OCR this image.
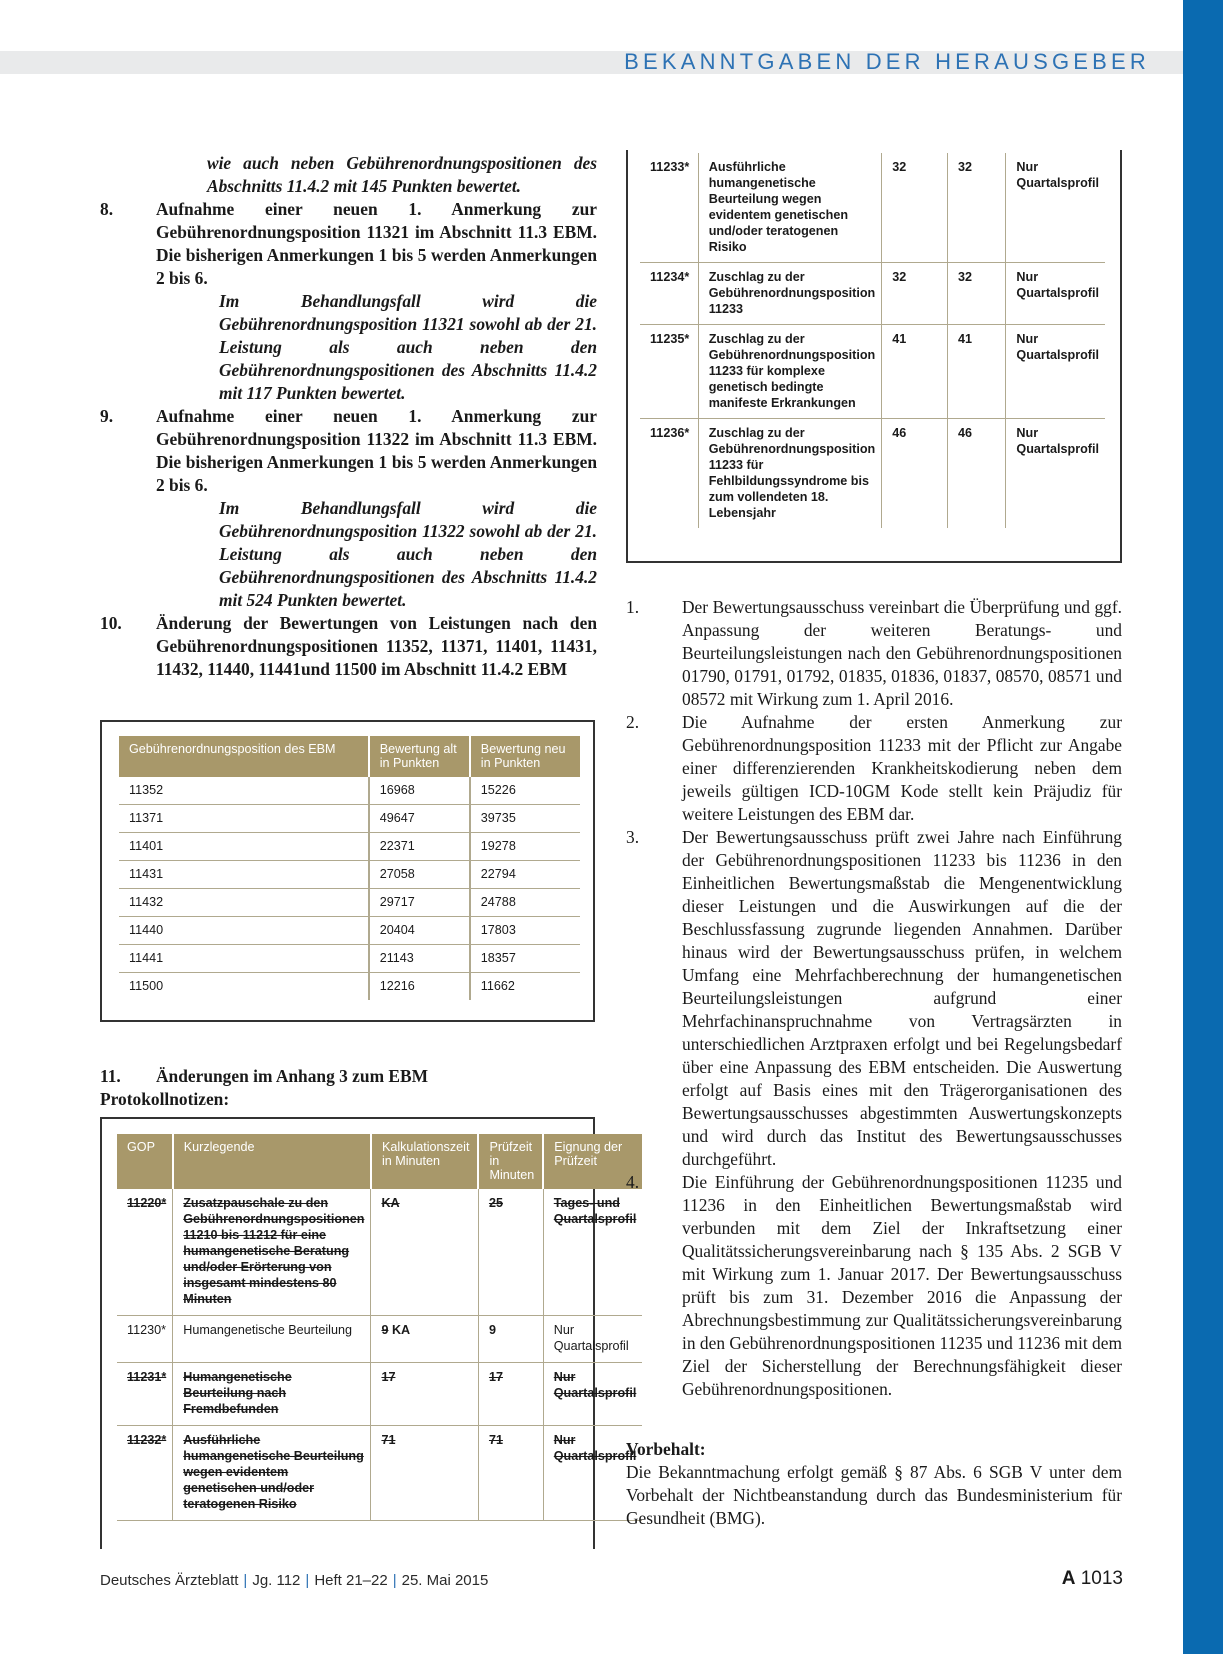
BEKANNTGABEN DER HERAUSGEBER
wie auch neben Gebührenordnungspositionen des Abschnitts 11.4.2 mit 145 Punkten bewertet.
8.	Aufnahme einer neuen 1. Anmerkung zur Gebührenordnungsposition 11321 im Abschnitt 11.3 EBM. Die bisherigen Anmerkungen 1 bis 5 werden Anmerkungen 2 bis 6.
Im Behandlungsfall wird die Gebührenordnungsposition 11321 sowohl ab der 21. Leistung als auch neben den Gebührenordnungspositionen des Abschnitts 11.4.2 mit 117 Punkten bewertet.
9.	Aufnahme einer neuen 1. Anmerkung zur Gebührenordnungsposition 11322 im Abschnitt 11.3 EBM. Die bisherigen Anmerkungen 1 bis 5 werden Anmerkungen 2 bis 6.
Im Behandlungsfall wird die Gebührenordnungsposition 11322 sowohl ab der 21. Leistung als auch neben den Gebührenordnungspositionen des Abschnitts 11.4.2 mit 524 Punkten bewertet.
10.	Änderung der Bewertungen von Leistungen nach den Gebührenordnungspositionen 11352, 11371, 11401, 11431, 11432, 11440, 11441und 11500 im Abschnitt 11.4.2 EBM
Gebührenordnungsposition des EBM	Bewertung alt in Punkten	Bewertung neu in Punkten
11352	16968	15226
11371	49647	39735
11401	22371	19278
11431	27058	22794
11432	29717	24788
11440	20404	17803
11441	21143	18357
11500	12216	11662
11.	Änderungen im Anhang 3 zum EBM
Protokollnotizen:
GOP	Kurzlegende	Kalkulationszeit in Minuten	Prüfzeit in Minuten	Eignung der Prüfzeit
11220*	Zusatzpauschale zu den Gebührenordnungspositionen 11210 bis 11212 für eine humangenetische Beratung und/oder Erörterung von insgesamt mindestens 80 Minuten	KA	25	Tages- und Quartalsprofil
11230*	Humangenetische Beurteilung	9 KA	9	Nur Quartalsprofil
11231*	Humangenetische Beurteilung nach Fremdbefunden	17	17	Nur Quartalsprofil
11232*	Ausführliche humangenetische Beurteilung wegen evidentem genetischen und/oder teratogenen Risiko	71	71	Nur Quartalsprofil
11233*	Ausführliche humangenetische Beurteilung wegen evidentem genetischen und/oder teratogenen Risiko	32	32	Nur Quartalsprofil
11234*	Zuschlag zu der Gebührenordnungsposition 11233	32	32	Nur Quartalsprofil
11235*	Zuschlag zu der Gebührenordnungsposition 11233 für komplexe genetisch bedingte manifeste Erkrankungen	41	41	Nur Quartalsprofil
11236*	Zuschlag zu der Gebührenordnungsposition 11233 für Fehlbildungssyndrome bis zum vollendeten 18. Lebensjahr	46	46	Nur Quartalsprofil
1.	Der Bewertungsausschuss vereinbart die Überprüfung und ggf. Anpassung der weiteren Beratungs- und Beurteilungsleistungen nach den Gebührenordnungspositionen 01790, 01791, 01792, 01835, 01836, 01837, 08570, 08571 und 08572 mit Wirkung zum 1. April 2016.
2.	Die Aufnahme der ersten Anmerkung zur Gebührenordnungsposition 11233 mit der Pflicht zur Angabe einer differenzierenden Krankheitskodierung neben dem jeweils gültigen ICD-10GM Kode stellt kein Präjudiz für weitere Leistungen des EBM dar.
3.	Der Bewertungsausschuss prüft zwei Jahre nach Einführung der Gebührenordnungspositionen 11233 bis 11236 in den Einheitlichen Bewertungsmaßstab die Mengenentwicklung dieser Leistungen und die Auswirkungen auf die der Beschlussfassung zugrunde liegenden Annahmen. Darüber hinaus wird der Bewertungsausschuss prüfen, in welchem Umfang eine Mehrfachberechnung der humangenetischen Beurteilungsleistungen aufgrund einer Mehrfachinanspruchnahme von Vertragsärzten in unterschiedlichen Arztpraxen erfolgt und bei Regelungsbedarf über eine Anpassung des EBM entscheiden. Die Auswertung erfolgt auf Basis eines mit den Trägerorganisationen des Bewertungsausschusses abgestimmten Auswertungskonzepts und wird durch das Institut des Bewertungsausschusses durchgeführt.
4.	Die Einführung der Gebührenordnungspositionen 11235 und 11236 in den Einheitlichen Bewertungsmaßstab wird verbunden mit dem Ziel der Inkraftsetzung einer Qualitätssicherungsvereinbarung nach § 135 Abs. 2 SGB V mit Wirkung zum 1. Januar 2017. Der Bewertungsausschuss prüft bis zum 31. Dezember 2016 die Anpassung der Abrechnungsbestimmung zur Qualitätssicherungsvereinbarung in den Gebührenordnungspositionen 11235 und 11236 mit dem Ziel der Sicherstellung der Berechnungsfähigkeit dieser Gebührenordnungspositionen.
Vorbehalt:
Die Bekanntmachung erfolgt gemäß § 87 Abs. 6 SGB V unter dem Vorbehalt der Nichtbeanstandung durch das Bundesministerium für Gesundheit (BMG).
Deutsches Ärzteblatt | Jg. 112 | Heft 21–22 | 25. Mai 2015	A 1013
